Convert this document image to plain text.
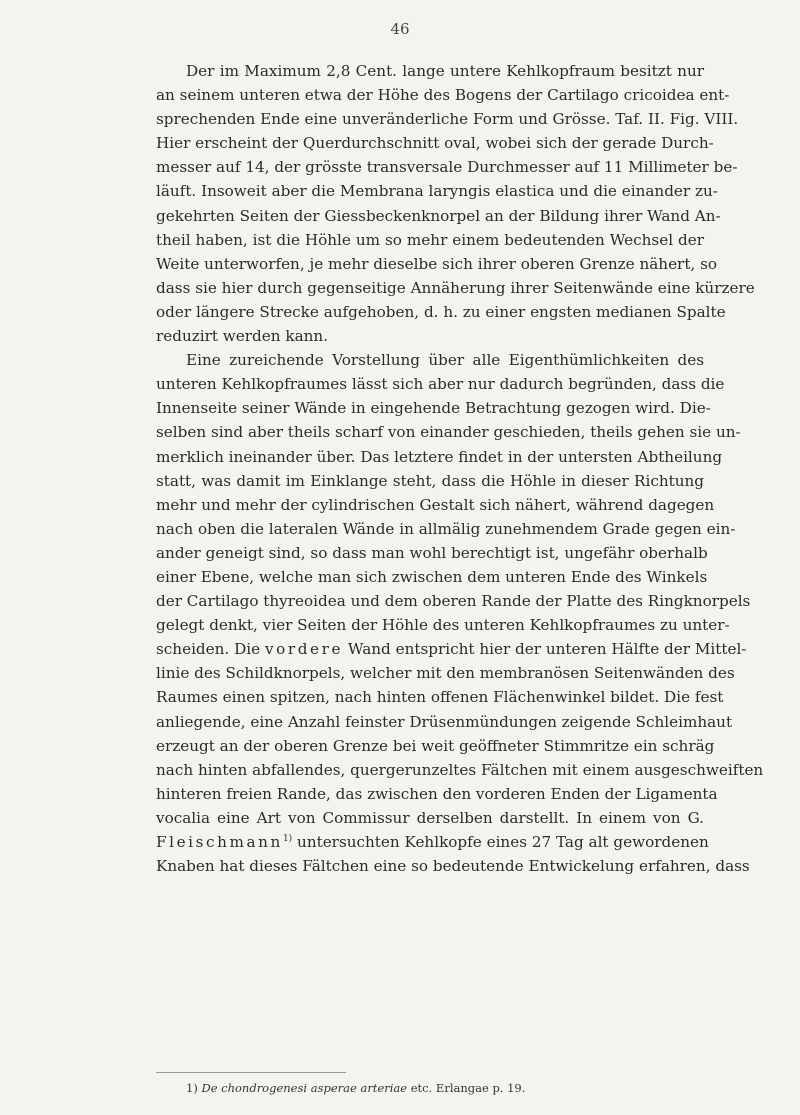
46
Der im Maximum 2,8 Cent. lange untere Kehlkopfraum besitzt nur
an seinem unteren etwa der Höhe des Bogens der Cartilago cricoidea ent-
sprechenden Ende eine unveränderliche Form und Grösse. Taf. II. Fig. VIII.
Hier erscheint der Querdurchschnitt oval, wobei sich der gerade Durch-
messer auf 14, der grösste transversale Durchmesser auf 11 Millimeter be-
läuft. Insoweit aber die Membrana laryngis elastica und die einander zu-
gekehrten Seiten der Giessbeckenknorpel an der Bildung ihrer Wand An-
theil haben, ist die Höhle um so mehr einem bedeutenden Wechsel der
Weite unterworfen, je mehr dieselbe sich ihrer oberen Grenze nähert, so
dass sie hier durch gegenseitige Annäherung ihrer Seitenwände eine kürzere
oder längere Strecke aufgehoben, d. h. zu einer engsten medianen Spalte
reduzirt werden kann.
Eine zureichende Vorstellung über alle Eigenthümlichkeiten des
unteren Kehlkopfraumes lässt sich aber nur dadurch begründen, dass die
Innenseite seiner Wände in eingehende Betrachtung gezogen wird. Die-
selben sind aber theils scharf von einander geschieden, theils gehen sie un-
merklich ineinander über. Das letztere findet in der untersten Abtheilung
statt, was damit im Einklange steht, dass die Höhle in dieser Richtung
mehr und mehr der cylindrischen Gestalt sich nähert, während dagegen
nach oben die lateralen Wände in allmälig zunehmendem Grade gegen ein-
ander geneigt sind, so dass man wohl berechtigt ist, ungefähr oberhalb
einer Ebene, welche man sich zwischen dem unteren Ende des Winkels
der Cartilago thyreoidea und dem oberen Rande der Platte des Ringknorpels
gelegt denkt, vier Seiten der Höhle des unteren Kehlkopfraumes zu unter-
scheiden. Die vordere Wand entspricht hier der unteren Hälfte der Mittel-
linie des Schildknorpels, welcher mit den membranösen Seitenwänden des
Raumes einen spitzen, nach hinten offenen Flächenwinkel bildet. Die fest
anliegende, eine Anzahl feinster Drüsenmündungen zeigende Schleimhaut
erzeugt an der oberen Grenze bei weit geöffneter Stimmritze ein schräg
nach hinten abfallendes, quergerunzeltes Fältchen mit einem ausgeschweiften
hinteren freien Rande, das zwischen den vorderen Enden der Ligamenta
vocalia eine Art von Commissur derselben darstellt. In einem von G.
Fleischmann$^{1)}$ untersuchten Kehlkopfe eines 27 Tag alt gewordenen
Knaben hat dieses Fältchen eine so bedeutende Entwickelung erfahren, dass
1) De chondrogenesi asperae arteriae etc. Erlangae p. 19.
